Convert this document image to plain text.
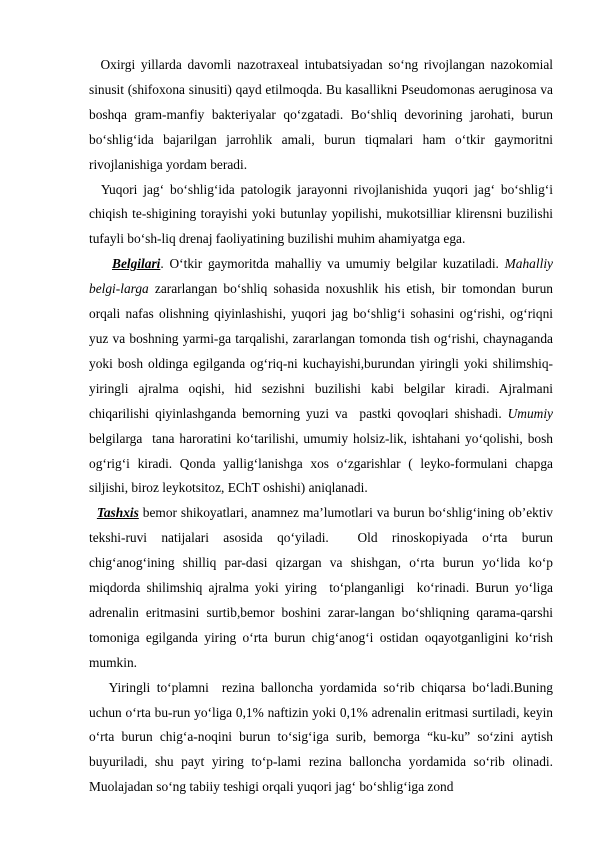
Oxirgi yillarda davomli nazotraxeal intubatsiyadan so‘ng rivojlangan nazokomial sinusit (shifoxona sinusiti) qayd etilmoqda. Bu kasallikni Pseudomonas aeruginosa va boshqa gram-manfiy bakteriyalar qo‘zgatadi. Bo‘shliq devorining jarohati, burun bo‘shlig‘ida bajarilgan jarrohlik amali, burun tiqmalari ham o‘tkir gaymoritni rivojlanishiga yordam beradi.

Yuqori jag‘ bo‘shlig‘ida patologik jarayonni rivojlanishida yuqori jag‘ bo‘shlig‘i chiqish te-shigining torayishi yoki butunlay yopilishi, mukotsilliar klirensni buzilishi tufayli bo‘sh-liq drenaj faoliyatining buzilishi muhim ahamiyatga ega.

Belgilari. O‘tkir gaymoritda mahalliy va umumiy belgilar kuzatiladi. Mahalliy belgi-larga zararlangan bo‘shliq sohasida noxushlik his etish, bir tomondan burun orqali nafas olishning qiyinlashishi, yuqori jag bo‘shlig‘i sohasini og‘rishi, og‘riqni yuz va boshning yarmi-ga tarqalishi, zararlangan tomonda tish og‘rishi, chaynaganda yoki bosh oldinga egilganda og‘riq-ni kuchayishi,burundan yiringli yoki shilimshiq-yiringli ajralma oqishi, hid sezishni buzilishi kabi belgilar kiradi. Ajralmani chiqarilishi qiyinlashganda bemorning yuzi va  pastki qovoqlari shishadi. Umumiy belgilarga  tana haroratini ko‘tarilishi, umumiy holsiz-lik, ishtahani yo‘qolishi, bosh og‘rig‘i kiradi. Qonda yallig‘lanishga xos o‘zgarishlar ( leyko-formulani chapga siljishi, biroz leykotsitoz, EChT oshishi) aniqlanadi.

Tashxis bemor shikoyatlari, anamnez ma’lumotlari va burun bo‘shlig‘ining ob’ektiv  tekshi-ruvi natijalari asosida qo‘yiladi.  Old rinoskopiyada o‘rta burun chig‘anog‘ining shilliq par-dasi qizargan va shishgan, o‘rta burun yo‘lida ko‘p miqdorda shilimshiq ajralma yoki yiring  to‘planganligi  ko‘rinadi. Burun yo‘liga adrenalin eritmasini surtib,bemor boshini zarar-langan bo‘shliqning qarama-qarshi tomoniga egilganda yiring o‘rta burun chig‘anog‘i ostidan oqayotganligini ko‘rish mumkin.

Yiringli to‘plamni  rezina balloncha yordamida so‘rib chiqarsa bo‘ladi.Buning uchun o‘rta bu-run yo‘liga 0,1% naftizin yoki 0,1% adrenalin eritmasi surtiladi, keyin o‘rta burun chig‘a-noqini burun to‘sig‘iga surib, bemorga “ku-ku” so‘zini aytish buyuriladi, shu payt yiring to‘p-lami rezina balloncha yordamida so‘rib olinadi. Muolajadan so‘ng tabiiy teshigi orqali yuqori jag‘ bo‘shlig‘iga zond
